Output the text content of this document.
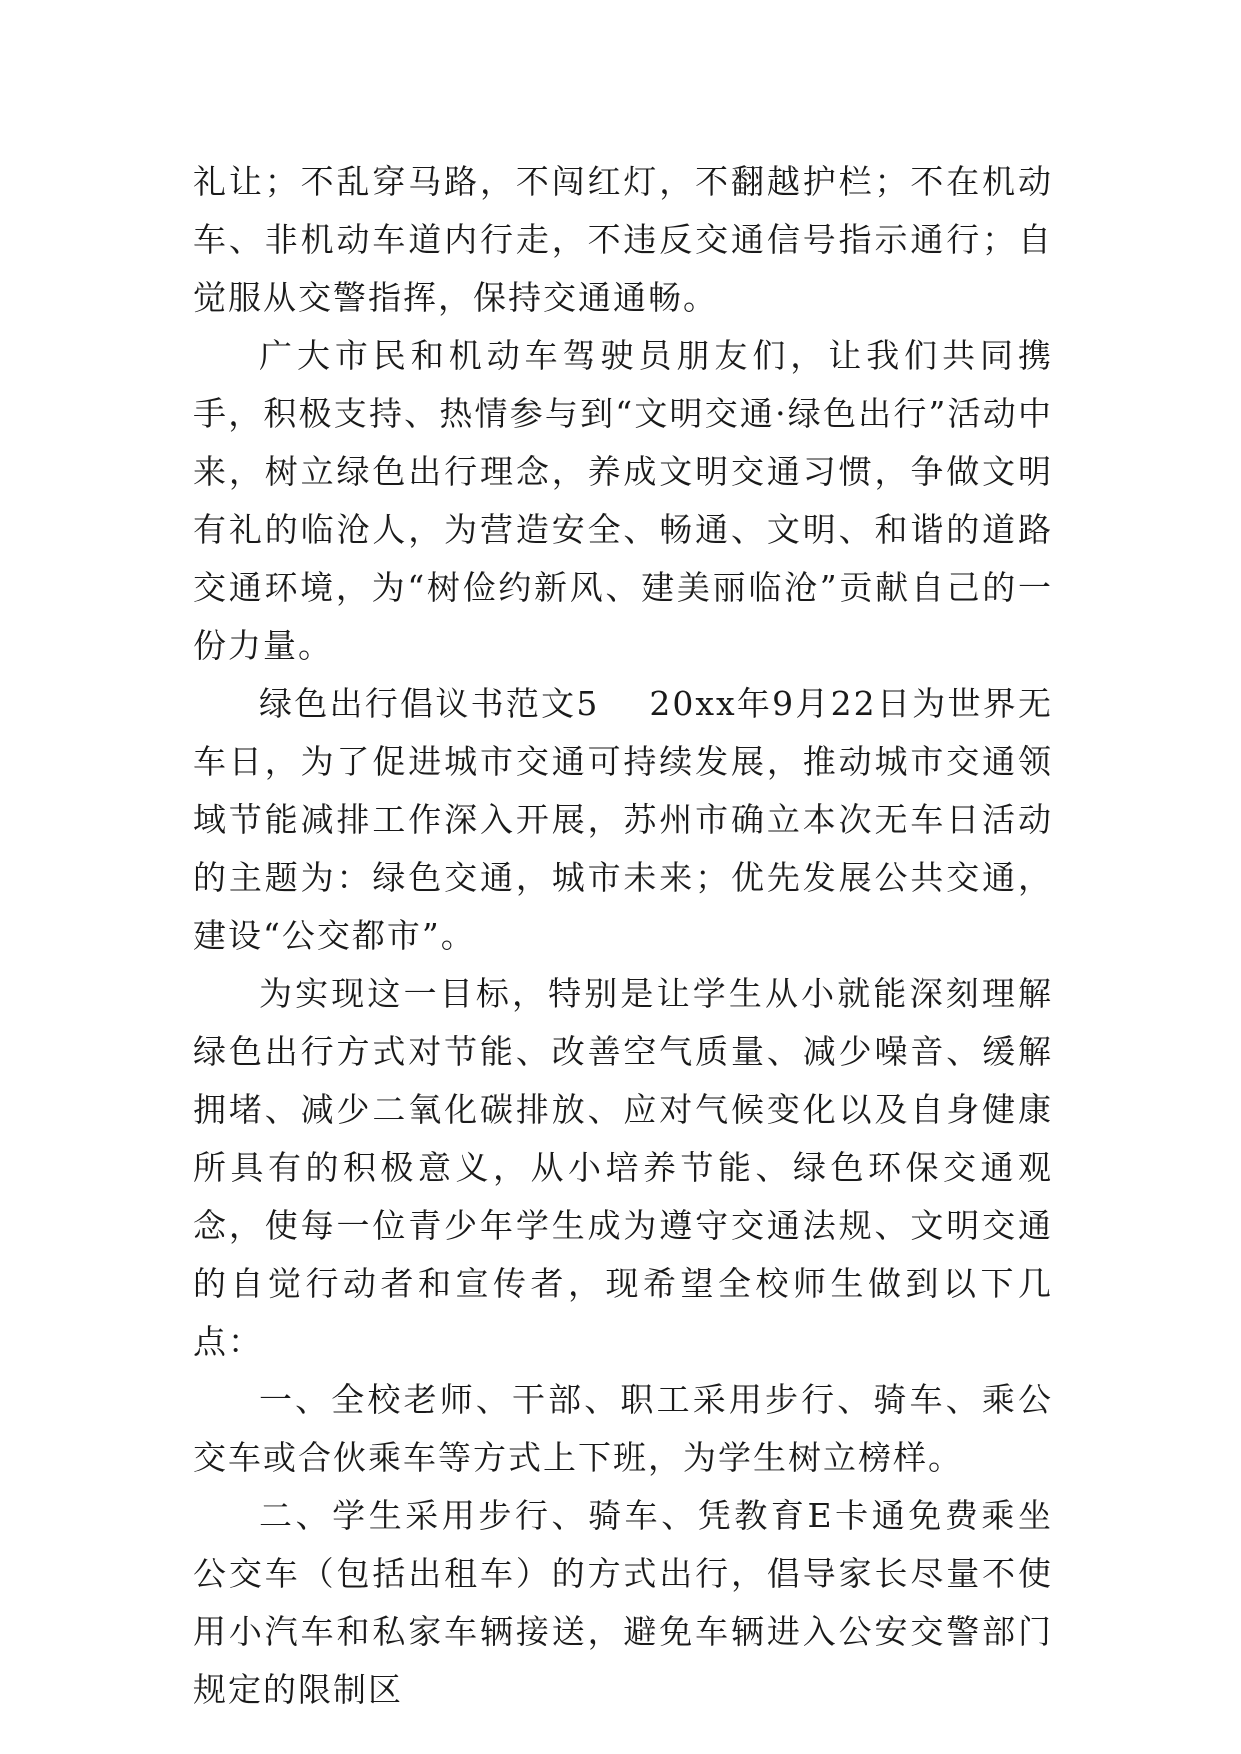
礼让；不乱穿马路，不闯红灯，不翻越护栏；不在机动车、非机动车道内行走，不违反交通信号指示通行；自觉服从交警指挥，保持交通通畅。

广大市民和机动车驾驶员朋友们，让我们共同携手，积极支持、热情参与到“文明交通·绿色出行”活动中来，树立绿色出行理念，养成文明交通习惯，争做文明有礼的临沧人，为营造安全、畅通、文明、和谐的道路交通环境，为“树俭约新风、建美丽临沧”贡献自己的一份力量。

绿色出行倡议书范文5 20xx年9月22日为世界无车日，为了促进城市交通可持续发展，推动城市交通领域节能减排工作深入开展，苏州市确立本次无车日活动的主题为：绿色交通，城市未来；优先发展公共交通，建设“公交都市”。

为实现这一目标，特别是让学生从小就能深刻理解绿色出行方式对节能、改善空气质量、减少噪音、缓解拥堵、减少二氧化碳排放、应对气候变化以及自身健康所具有的积极意义，从小培养节能、绿色环保交通观念，使每一位青少年学生成为遵守交通法规、文明交通的自觉行动者和宣传者，现希望全校师生做到以下几点：

一、全校老师、干部、职工采用步行、骑车、乘公交车或合伙乘车等方式上下班，为学生树立榜样。

二、学生采用步行、骑车、凭教育E卡通免费乘坐公交车（包括出租车）的方式出行，倡导家长尽量不使用小汽车和私家车辆接送，避免车辆进入公安交警部门规定的限制区
